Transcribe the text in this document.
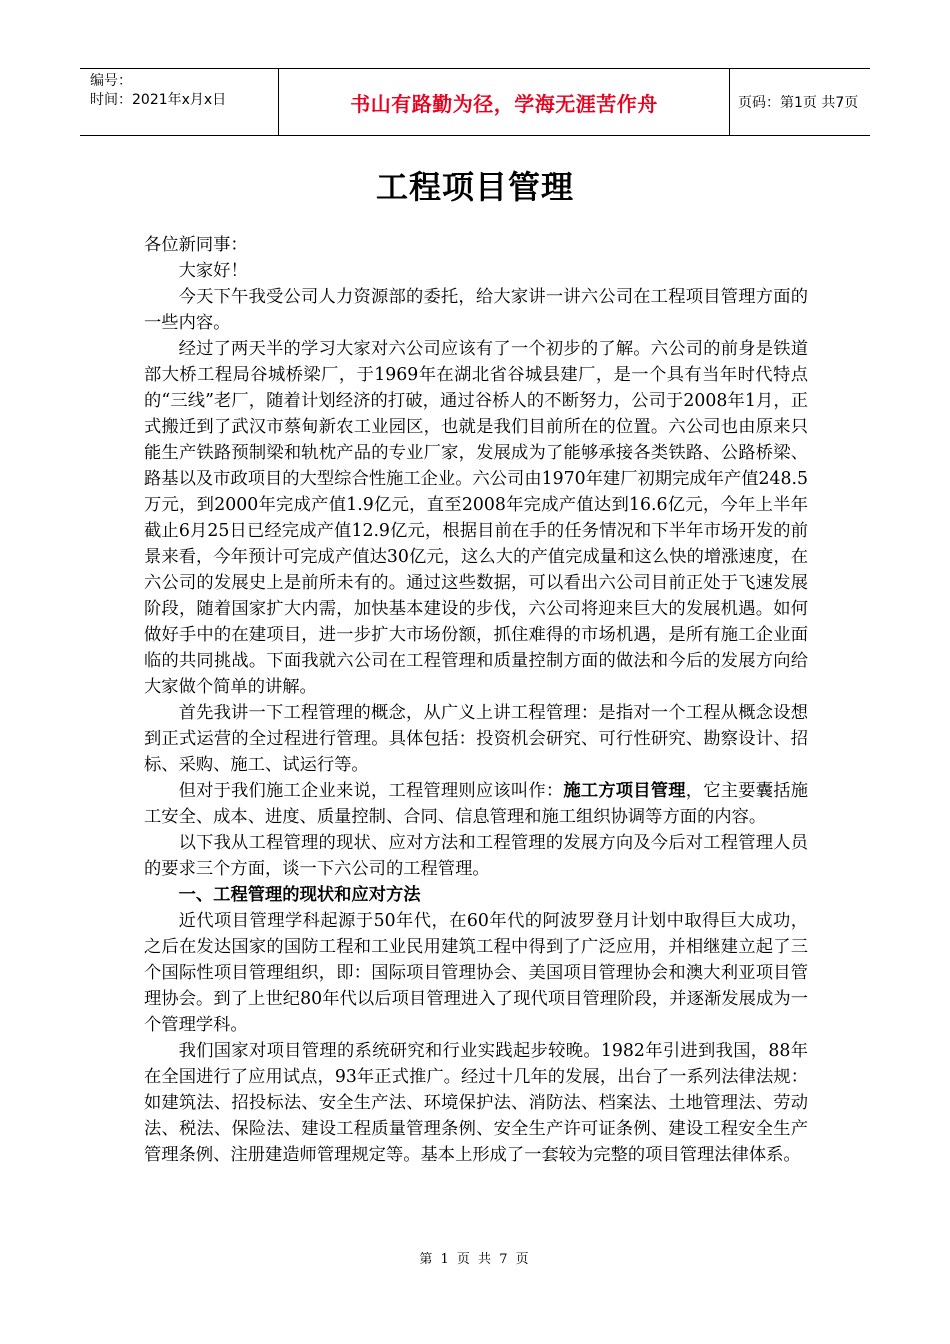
编号：
时间：2021年x月x日	书山有路勤为径，学海无涯苦作舟	页码：第1页 共7页
工程项目管理

各位新同事：

大家好！

今天下午我受公司人力资源部的委托，给大家讲一讲六公司在工程项目管理方面的一些内容。

经过了两天半的学习大家对六公司应该有了一个初步的了解。六公司的前身是铁道部大桥工程局谷城桥梁厂，于1969年在湖北省谷城县建厂，是一个具有当年时代特点的“三线”老厂，随着计划经济的打破，通过谷桥人的不断努力，公司于2008年1月，正式搬迁到了武汉市蔡甸新农工业园区，也就是我们目前所在的位置。六公司也由原来只能生产铁路预制梁和轨枕产品的专业厂家，发展成为了能够承接各类铁路、公路桥梁、路基以及市政项目的大型综合性施工企业。六公司由1970年建厂初期完成年产值248.5万元，到2000年完成产值1.9亿元，直至2008年完成产值达到16.6亿元，今年上半年截止6月25日已经完成产值12.9亿元，根据目前在手的任务情况和下半年市场开发的前景来看，今年预计可完成产值达30亿元，这么大的产值完成量和这么快的增涨速度，在六公司的发展史上是前所未有的。通过这些数据，可以看出六公司目前正处于飞速发展阶段，随着国家扩大内需，加快基本建设的步伐，六公司将迎来巨大的发展机遇。如何做好手中的在建项目，进一步扩大市场份额，抓住难得的市场机遇，是所有施工企业面临的共同挑战。下面我就六公司在工程管理和质量控制方面的做法和今后的发展方向给大家做个简单的讲解。

首先我讲一下工程管理的概念，从广义上讲工程管理：是指对一个工程从概念设想到正式运营的全过程进行管理。具体包括：投资机会研究、可行性研究、勘察设计、招标、采购、施工、试运行等。

但对于我们施工企业来说，工程管理则应该叫作：施工方项目管理，它主要囊括施工安全、成本、进度、质量控制、合同、信息管理和施工组织协调等方面的内容。

以下我从工程管理的现状、应对方法和工程管理的发展方向及今后对工程管理人员的要求三个方面，谈一下六公司的工程管理。

一、工程管理的现状和应对方法

近代项目管理学科起源于50年代，在60年代的阿波罗登月计划中取得巨大成功，之后在发达国家的国防工程和工业民用建筑工程中得到了广泛应用，并相继建立起了三个国际性项目管理组织，即：国际项目管理协会、美国项目管理协会和澳大利亚项目管理协会。到了上世纪80年代以后项目管理进入了现代项目管理阶段，并逐渐发展成为一个管理学科。

我们国家对项目管理的系统研究和行业实践起步较晚。1982年引进到我国，88年在全国进行了应用试点，93年正式推广。经过十几年的发展，出台了一系列法律法规：如建筑法、招投标法、安全生产法、环境保护法、消防法、档案法、土地管理法、劳动法、税法、保险法、建设工程质量管理条例、安全生产许可证条例、建设工程安全生产管理条例、注册建造师管理规定等。基本上形成了一套较为完整的项目管理法律体系。

第 1 页 共 7 页
